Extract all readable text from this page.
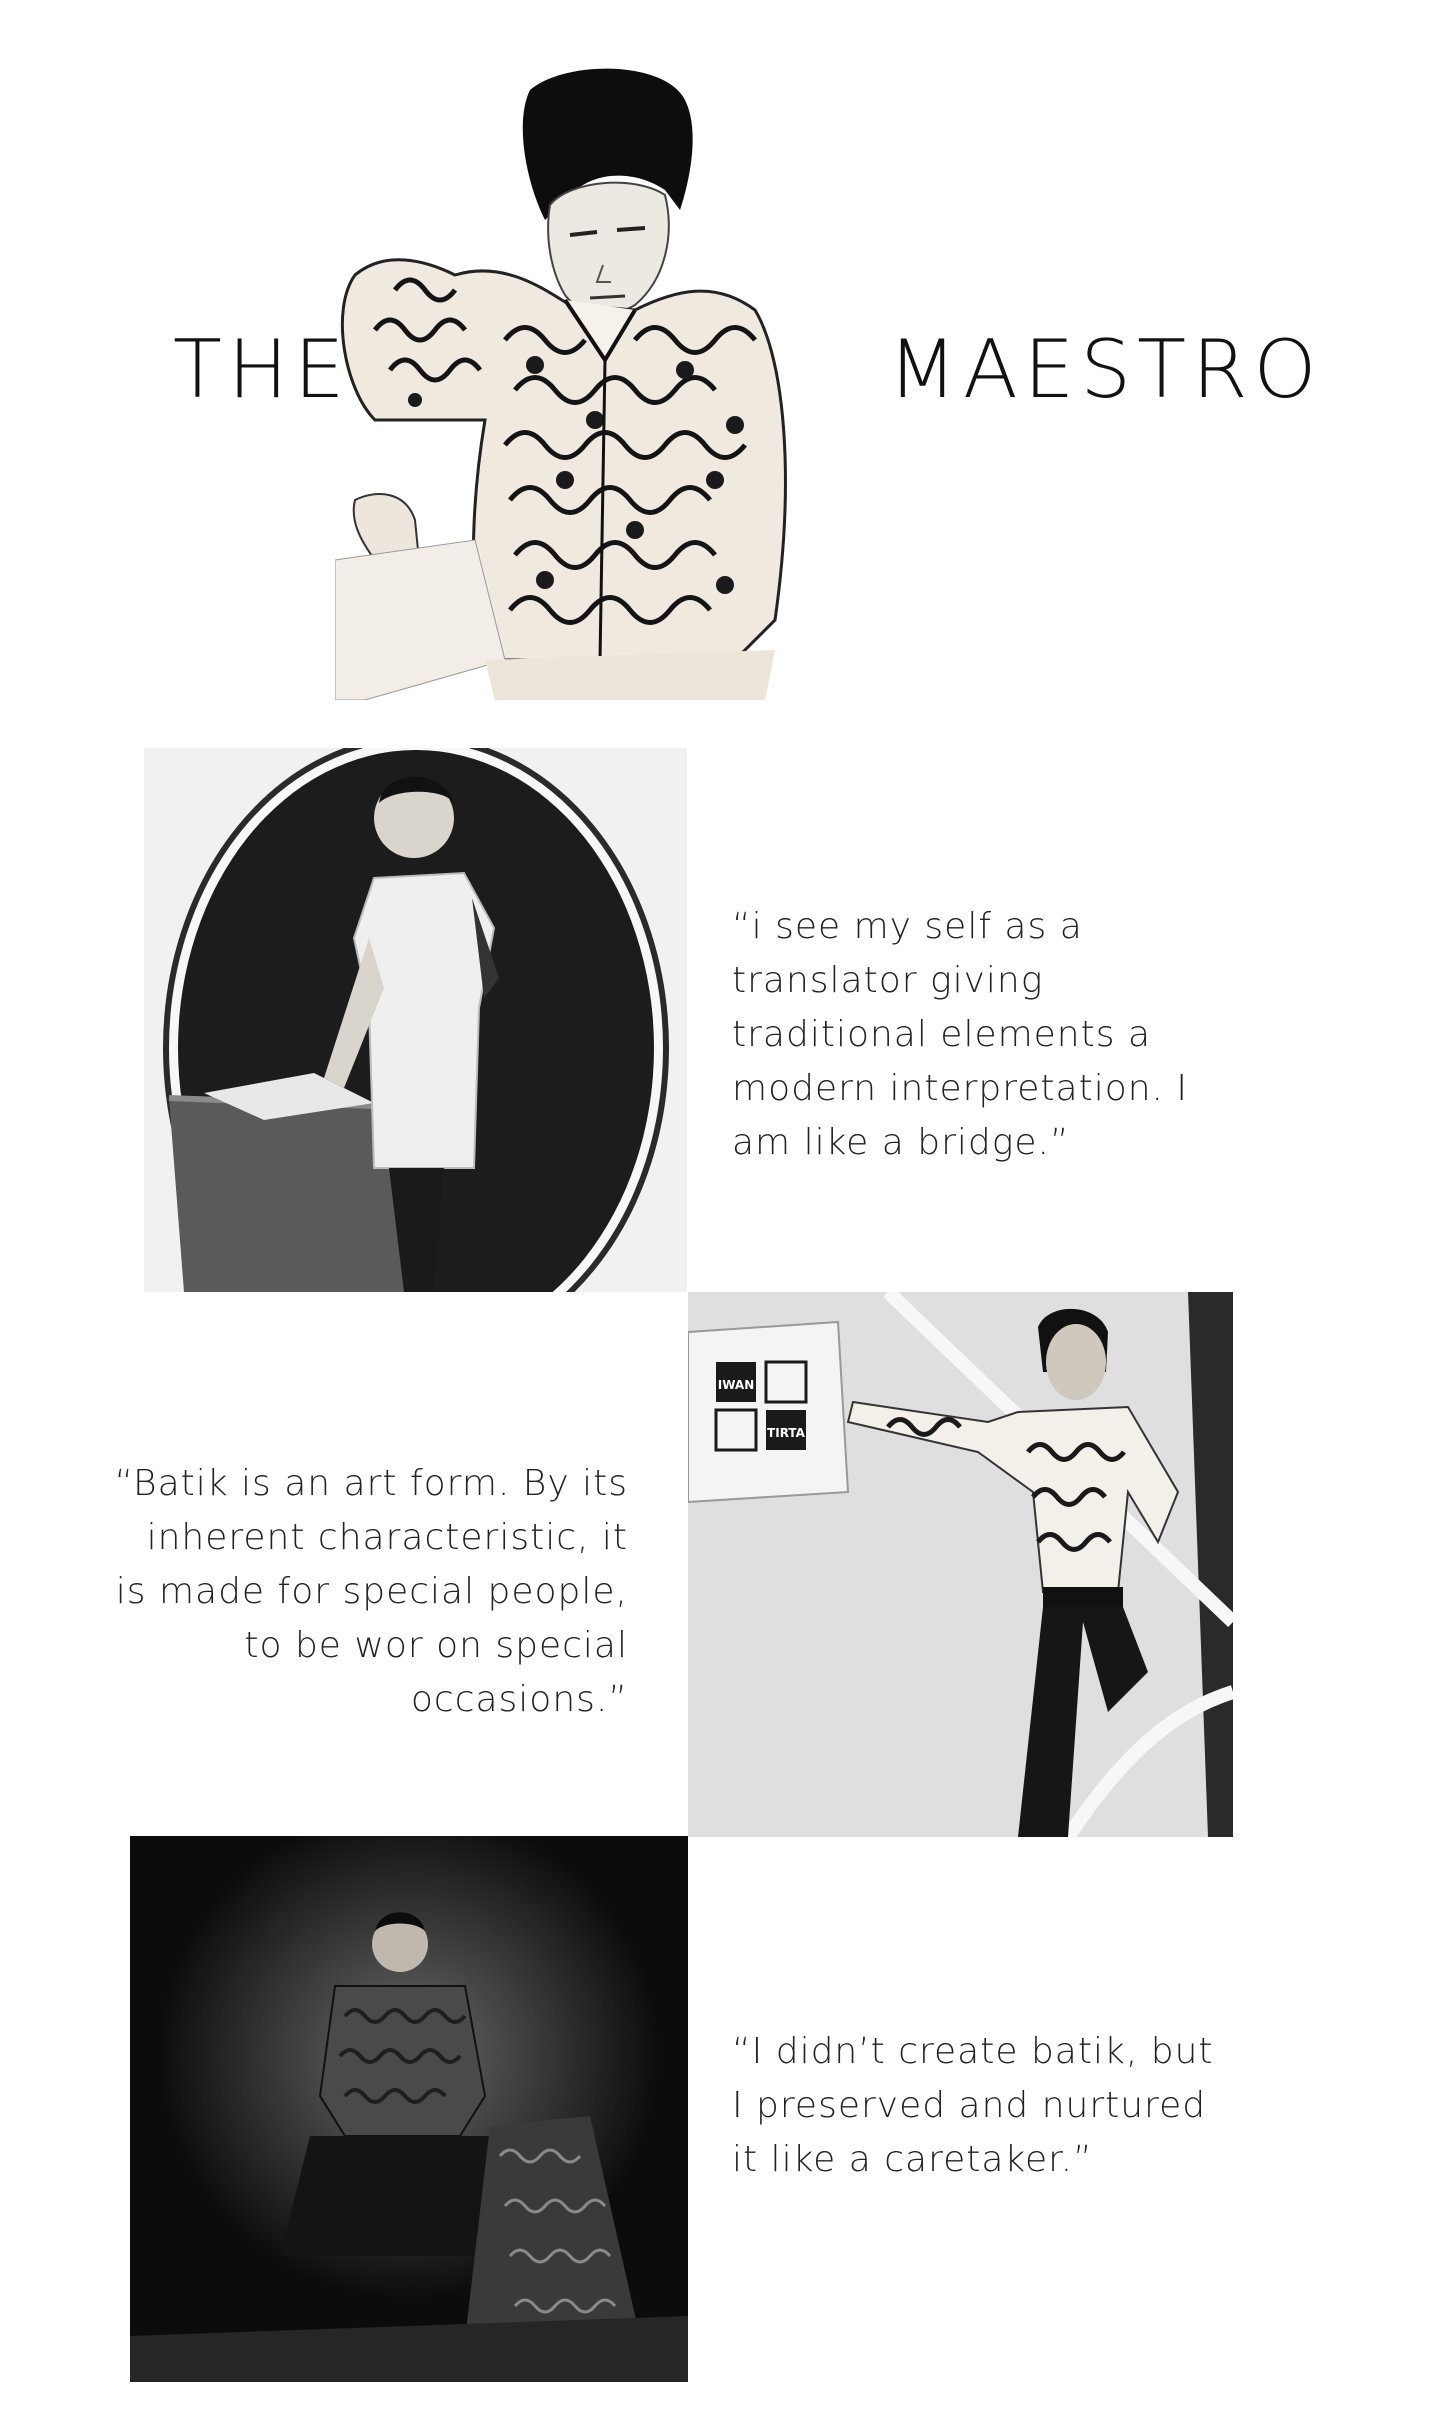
THE	MAESTRO

“i see my self as a translator giving traditional elements a modern interpretation. I am like a bridge.”

“Batik is an art form. By its inherent characteristic, it is made for special people, to be wor on special occasions.”

IWAN
TIRTA

“I didn’t create batik, but I preserved and nurtured it like a caretaker.”
